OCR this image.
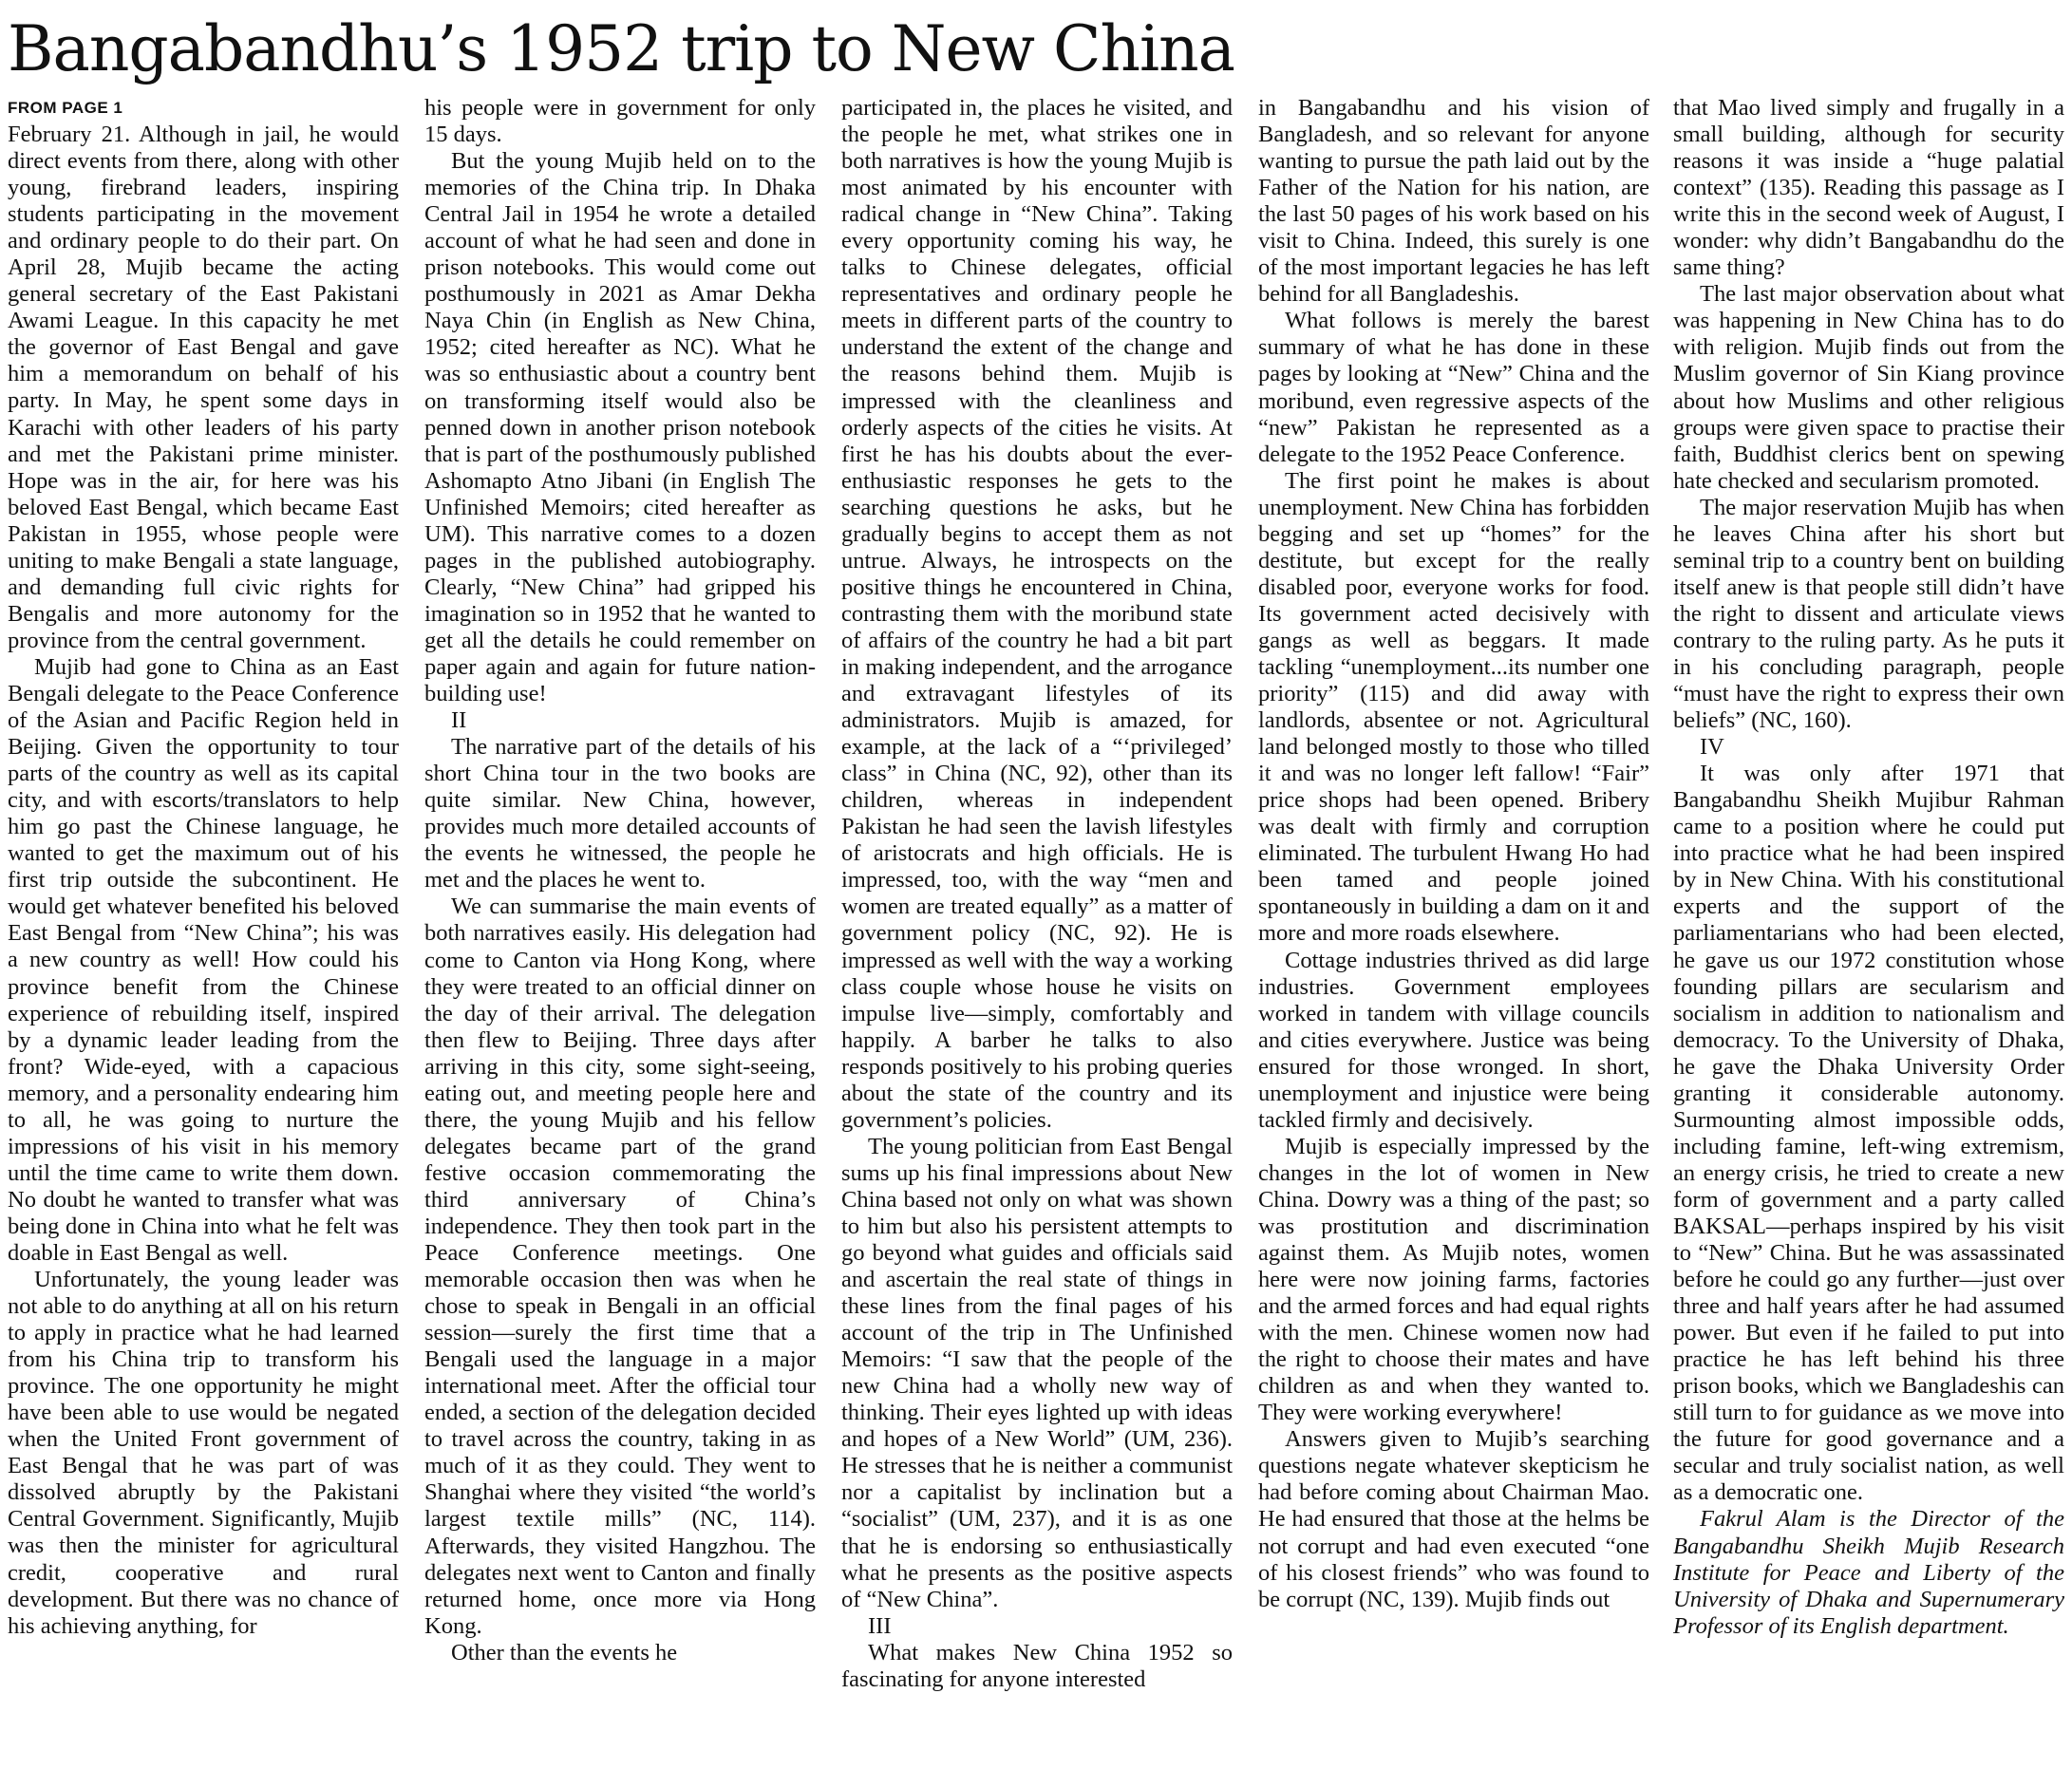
Bangabandhu’s 1952 trip to New China

FROM PAGE 1

February 21. Although in jail, he would direct events from there, along with other young, firebrand leaders, inspiring students participating in the movement and ordinary people to do their part. On April 28, Mujib became the acting general secretary of the East Pakistani Awami League. In this capacity he met the governor of East Bengal and gave him a memorandum on behalf of his party. In May, he spent some days in Karachi with other leaders of his party and met the Pakistani prime minister. Hope was in the air, for here was his beloved East Bengal, which became East Pakistan in 1955, whose people were uniting to make Bengali a state language, and demanding full civic rights for Bengalis and more autonomy for the province from the central government.

Mujib had gone to China as an East Bengali delegate to the Peace Conference of the Asian and Pacific Region held in Beijing. Given the opportunity to tour parts of the country as well as its capital city, and with escorts/translators to help him go past the Chinese language, he wanted to get the maximum out of his first trip outside the subcontinent. He would get whatever benefited his beloved East Bengal from “New China”; his was a new country as well! How could his province benefit from the Chinese experience of rebuilding itself, inspired by a dynamic leader leading from the front? Wide-eyed, with a capacious memory, and a personality endearing him to all, he was going to nurture the impressions of his visit in his memory until the time came to write them down. No doubt he wanted to transfer what was being done in China into what he felt was doable in East Bengal as well.

Unfortunately, the young leader was not able to do anything at all on his return to apply in practice what he had learned from his China trip to transform his province. The one opportunity he might have been able to use would be negated when the United Front government of East Bengal that he was part of was dissolved abruptly by the Pakistani Central Government. Significantly, Mujib was then the minister for agricultural credit, cooperative and rural development. But there was no chance of his achieving anything, for

his people were in government for only 15 days.

But the young Mujib held on to the memories of the China trip. In Dhaka Central Jail in 1954 he wrote a detailed account of what he had seen and done in prison notebooks. This would come out posthumously in 2021 as Amar Dekha Naya Chin (in English as New China, 1952; cited hereafter as NC). What he was so enthusiastic about a country bent on transforming itself would also be penned down in another prison notebook that is part of the posthumously published Ashomapto Atno Jibani (in English The Unfinished Memoirs; cited hereafter as UM). This narrative comes to a dozen pages in the published autobiography. Clearly, “New China” had gripped his imagination so in 1952 that he wanted to get all the details he could remember on paper again and again for future nation-building use!

II

The narrative part of the details of his short China tour in the two books are quite similar. New China, however, provides much more detailed accounts of the events he witnessed, the people he met and the places he went to.

We can summarise the main events of both narratives easily. His delegation had come to Canton via Hong Kong, where they were treated to an official dinner on the day of their arrival. The delegation then flew to Beijing. Three days after arriving in this city, some sight-seeing, eating out, and meeting people here and there, the young Mujib and his fellow delegates became part of the grand festive occasion commemorating the third anniversary of China’s independence. They then took part in the Peace Conference meetings. One memorable occasion then was when he chose to speak in Bengali in an official session—surely the first time that a Bengali used the language in a major international meet. After the official tour ended, a section of the delegation decided to travel across the country, taking in as much of it as they could. They went to Shanghai where they visited “the world’s largest textile mills” (NC, 114). Afterwards, they visited Hangzhou. The delegates next went to Canton and finally returned home, once more via Hong Kong.

Other than the events he

participated in, the places he visited, and the people he met, what strikes one in both narratives is how the young Mujib is most animated by his encounter with radical change in “New China”. Taking every opportunity coming his way, he talks to Chinese delegates, official representatives and ordinary people he meets in different parts of the country to understand the extent of the change and the reasons behind them. Mujib is impressed with the cleanliness and orderly aspects of the cities he visits. At first he has his doubts about the ever-enthusiastic responses he gets to the searching questions he asks, but he gradually begins to accept them as not untrue. Always, he introspects on the positive things he encountered in China, contrasting them with the moribund state of affairs of the country he had a bit part in making independent, and the arrogance and extravagant lifestyles of its administrators. Mujib is amazed, for example, at the lack of a “‘privileged’ class” in China (NC, 92), other than its children, whereas in independent Pakistan he had seen the lavish lifestyles of aristocrats and high officials. He is impressed, too, with the way “men and women are treated equally” as a matter of government policy (NC, 92). He is impressed as well with the way a working class couple whose house he visits on impulse live—simply, comfortably and happily. A barber he talks to also responds positively to his probing queries about the state of the country and its government’s policies.

The young politician from East Bengal sums up his final impressions about New China based not only on what was shown to him but also his persistent attempts to go beyond what guides and officials said and ascertain the real state of things in these lines from the final pages of his account of the trip in The Unfinished Memoirs: “I saw that the people of the new China had a wholly new way of thinking. Their eyes lighted up with ideas and hopes of a New World” (UM, 236). He stresses that he is neither a communist nor a capitalist by inclination but a “socialist” (UM, 237), and it is as one that he is endorsing so enthusiastically what he presents as the positive aspects of “New China”.

III

What makes New China 1952 so fascinating for anyone interested

in Bangabandhu and his vision of Bangladesh, and so relevant for anyone wanting to pursue the path laid out by the Father of the Nation for his nation, are the last 50 pages of his work based on his visit to China. Indeed, this surely is one of the most important legacies he has left behind for all Bangladeshis.

What follows is merely the barest summary of what he has done in these pages by looking at “New” China and the moribund, even regressive aspects of the “new” Pakistan he represented as a delegate to the 1952 Peace Conference.

The first point he makes is about unemployment. New China has forbidden begging and set up “homes” for the destitute, but except for the really disabled poor, everyone works for food. Its government acted decisively with gangs as well as beggars. It made tackling “unemployment...its number one priority” (115) and did away with landlords, absentee or not. Agricultural land belonged mostly to those who tilled it and was no longer left fallow! “Fair” price shops had been opened. Bribery was dealt with firmly and corruption eliminated. The turbulent Hwang Ho had been tamed and people joined spontaneously in building a dam on it and more and more roads elsewhere.

Cottage industries thrived as did large industries. Government employees worked in tandem with village councils and cities everywhere. Justice was being ensured for those wronged. In short, unemployment and injustice were being tackled firmly and decisively.

Mujib is especially impressed by the changes in the lot of women in New China. Dowry was a thing of the past; so was prostitution and discrimination against them. As Mujib notes, women here were now joining farms, factories and the armed forces and had equal rights with the men. Chinese women now had the right to choose their mates and have children as and when they wanted to. They were working everywhere!

Answers given to Mujib’s searching questions negate whatever skepticism he had before coming about Chairman Mao. He had ensured that those at the helms be not corrupt and had even executed “one of his closest friends” who was found to be corrupt (NC, 139). Mujib finds out

that Mao lived simply and frugally in a small building, although for security reasons it was inside a “huge palatial context” (135). Reading this passage as I write this in the second week of August, I wonder: why didn’t Bangabandhu do the same thing?

The last major observation about what was happening in New China has to do with religion. Mujib finds out from the Muslim governor of Sin Kiang province about how Muslims and other religious groups were given space to practise their faith, Buddhist clerics bent on spewing hate checked and secularism promoted.

The major reservation Mujib has when he leaves China after his short but seminal trip to a country bent on building itself anew is that people still didn’t have the right to dissent and articulate views contrary to the ruling party. As he puts it in his concluding paragraph, people “must have the right to express their own beliefs” (NC, 160).

IV

It was only after 1971 that Bangabandhu Sheikh Mujibur Rahman came to a position where he could put into practice what he had been inspired by in New China. With his constitutional experts and the support of the parliamentarians who had been elected, he gave us our 1972 constitution whose founding pillars are secularism and socialism in addition to nationalism and democracy. To the University of Dhaka, he gave the Dhaka University Order granting it considerable autonomy. Surmounting almost impossible odds, including famine, left-wing extremism, an energy crisis, he tried to create a new form of government and a party called BAKSAL—perhaps inspired by his visit to “New” China. But he was assassinated before he could go any further—just over three and half years after he had assumed power. But even if he failed to put into practice he has left behind his three prison books, which we Bangladeshis can still turn to for guidance as we move into the future for good governance and a secular and truly socialist nation, as well as a democratic one.

Fakrul Alam is the Director of the Bangabandhu Sheikh Mujib Research Institute for Peace and Liberty of the University of Dhaka and Supernumerary Professor of its English department.
